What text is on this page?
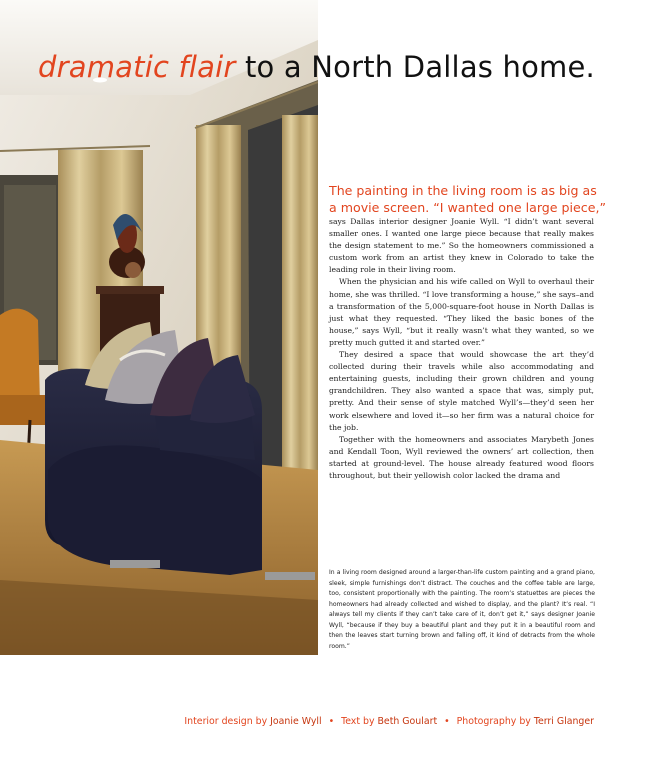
dramatic flair to a North Dallas home.

The painting in the living room is as big as
a movie screen. “I wanted one large piece,”

says Dallas interior designer Joanie Wyll. “I didn’t want several smaller ones. I wanted one large piece because that really makes the design statement to me.” So the homeowners commissioned a custom work from an artist they knew in Colorado to take the leading role in their living room.

When the physician and his wife called on Wyll to overhaul their home, she was thrilled. “I love transforming a house,” she says–and a transformation of the 5,000-square-foot house in North Dallas is just what they requested. “They liked the basic bones of the house,” says Wyll, “but it really wasn’t what they wanted, so we pretty much gutted it and started over.”

They desired a space that would showcase the art they’d collected during their travels while also accommodating and entertaining guests, including their grown children and young grandchildren. They also wanted a space that was, simply put, pretty. And their sense of style matched Wyll’s—they’d seen her work elsewhere and loved it—so her firm was a natural choice for the job.

Together with the homeowners and associates Marybeth Jones and Kendall Toon, Wyll reviewed the owners’ art collection, then started at ground-level. The house already featured wood floors throughout, but their yellowish color lacked the drama and

In a living room designed around a larger-than-life custom painting and a grand piano, sleek, simple furnishings don’t distract. The couches and the coffee table are large, too, consistent proportionally with the painting. The room’s statuettes are pieces the homeowners had already collected and wished to display, and the plant? It’s real. “I always tell my clients if they can’t take care of it, don’t get it,” says designer Joanie Wyll, “because if they buy a beautiful plant and they put it in a beautiful room and then the leaves start turning brown and falling off, it kind of detracts from the whole room.”

Interior design by Joanie Wyll • Text by Beth Goulart • Photography by Terri Glanger
